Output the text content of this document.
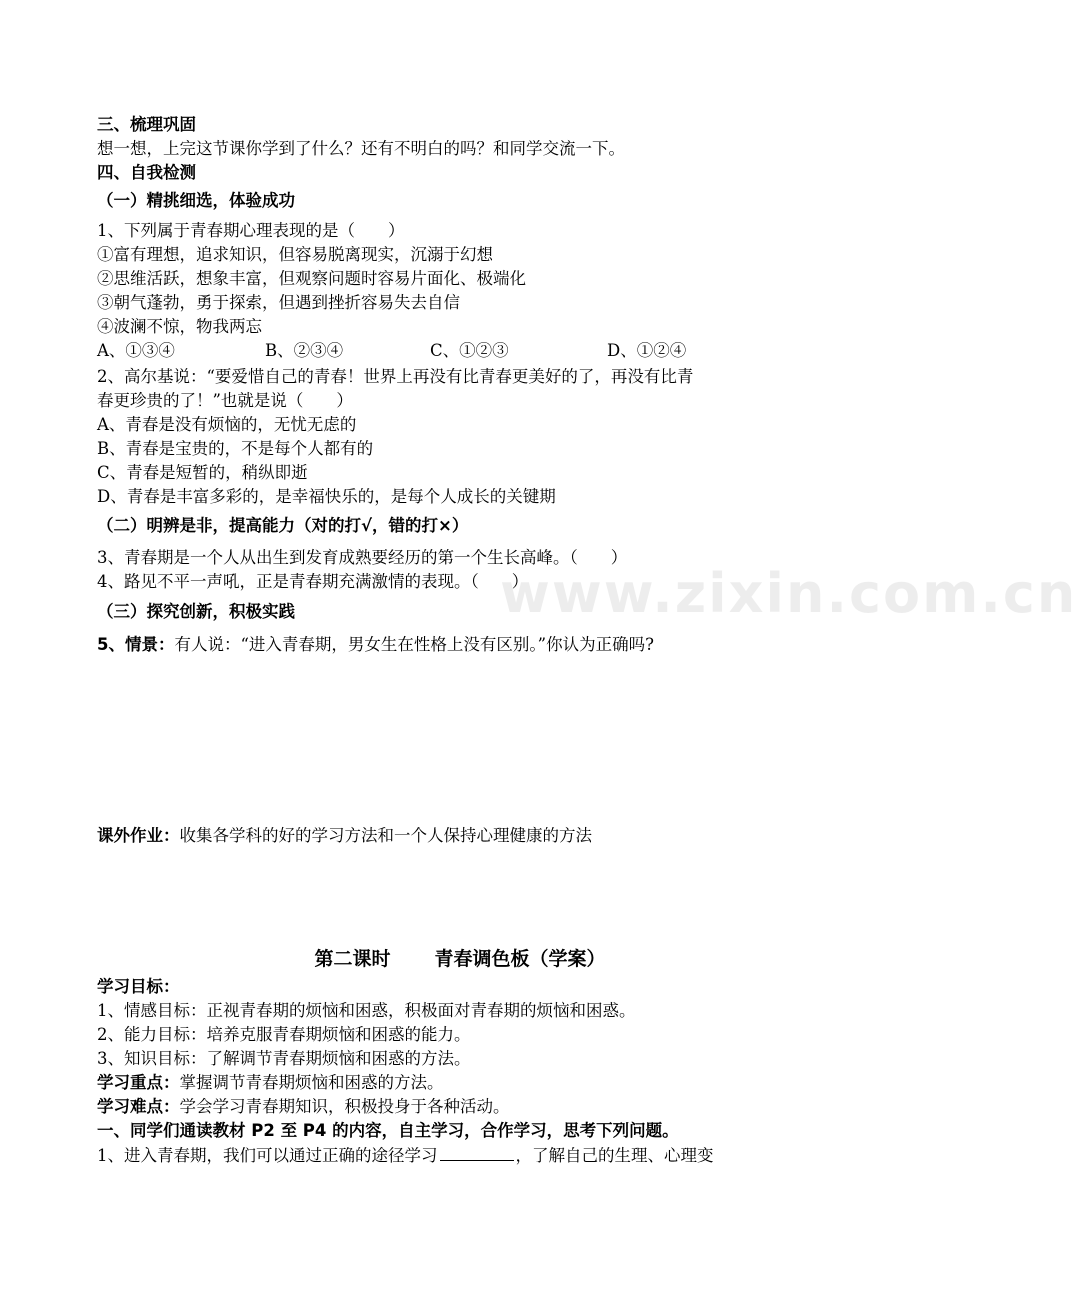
www.zixin.com.cn
三、梳理巩固
想一想，上完这节课你学到了什么？还有不明白的吗？和同学交流一下。
四、自我检测
（一）精挑细选，体验成功
1、下列属于青春期心理表现的是（　　）
①富有理想，追求知识，但容易脱离现实，沉溺于幻想
②思维活跃，想象丰富，但观察问题时容易片面化、极端化
③朝气蓬勃，勇于探索，但遇到挫折容易失去自信
④波澜不惊，物我两忘
A、①③④	B、②③④	C、①②③	D、①②④
2、高尔基说：“要爱惜自己的青春！世界上再没有比青春更美好的了，再没有比青
春更珍贵的了！”也就是说（　　）
A、青春是没有烦恼的，无忧无虑的
B、青春是宝贵的，不是每个人都有的
C、青春是短暂的，稍纵即逝
D、青春是丰富多彩的，是幸福快乐的，是每个人成长的关键期
（二）明辨是非，提高能力（对的打√，错的打×）
3、青春期是一个人从出生到发育成熟要经历的第一个生长高峰。（　　）
4、路见不平一声吼，正是青春期充满激情的表现。（　　）
（三）探究创新，积极实践
5、情景：有人说：“进入青春期，男女生在性格上没有区别。”你认为正确吗?
课外作业：收集各学科的好的学习方法和一个人保持心理健康的方法
第二课时 青春调色板（学案）
学习目标：
1、情感目标：正视青春期的烦恼和困惑，积极面对青春期的烦恼和困惑。
2、能力目标：培养克服青春期烦恼和困惑的能力。
3、知识目标：了解调节青春期烦恼和困惑的方法。
学习重点：掌握调节青春期烦恼和困惑的方法。
学习难点：学会学习青春期知识，积极投身于各种活动。
一、同学们通读教材 P2 至 P4 的内容，自主学习，合作学习，思考下列问题。
1、进入青春期，我们可以通过正确的途径学习	，了解自己的生理、心理变
